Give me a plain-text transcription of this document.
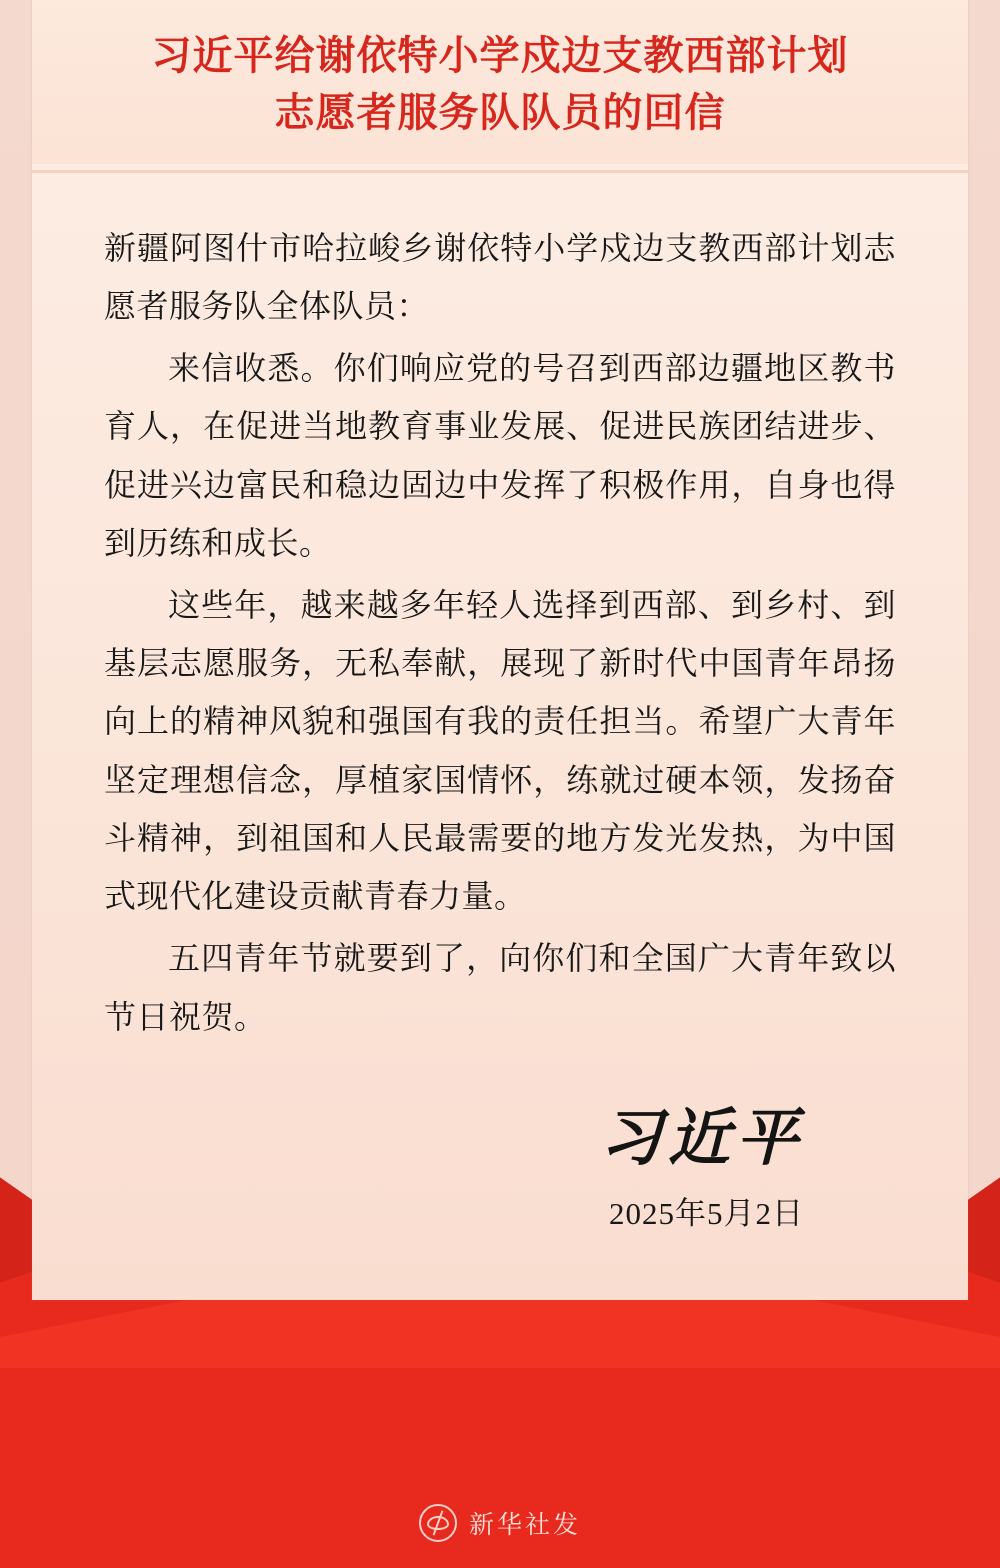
习近平给谢依特小学戍边支教西部计划
志愿者服务队队员的回信

新疆阿图什市哈拉峻乡谢依特小学戍边支教西部计划志愿者服务队全体队员：

来信收悉。你们响应党的号召到西部边疆地区教书育人，在促进当地教育事业发展、促进民族团结进步、促进兴边富民和稳边固边中发挥了积极作用，自身也得到历练和成长。

这些年，越来越多年轻人选择到西部、到乡村、到基层志愿服务，无私奉献，展现了新时代中国青年昂扬向上的精神风貌和强国有我的责任担当。希望广大青年坚定理想信念，厚植家国情怀，练就过硬本领，发扬奋斗精神，到祖国和人民最需要的地方发光发热，为中国式现代化建设贡献青春力量。

五四青年节就要到了，向你们和全国广大青年致以节日祝贺。

习近平
2025年5月2日
新华社发
